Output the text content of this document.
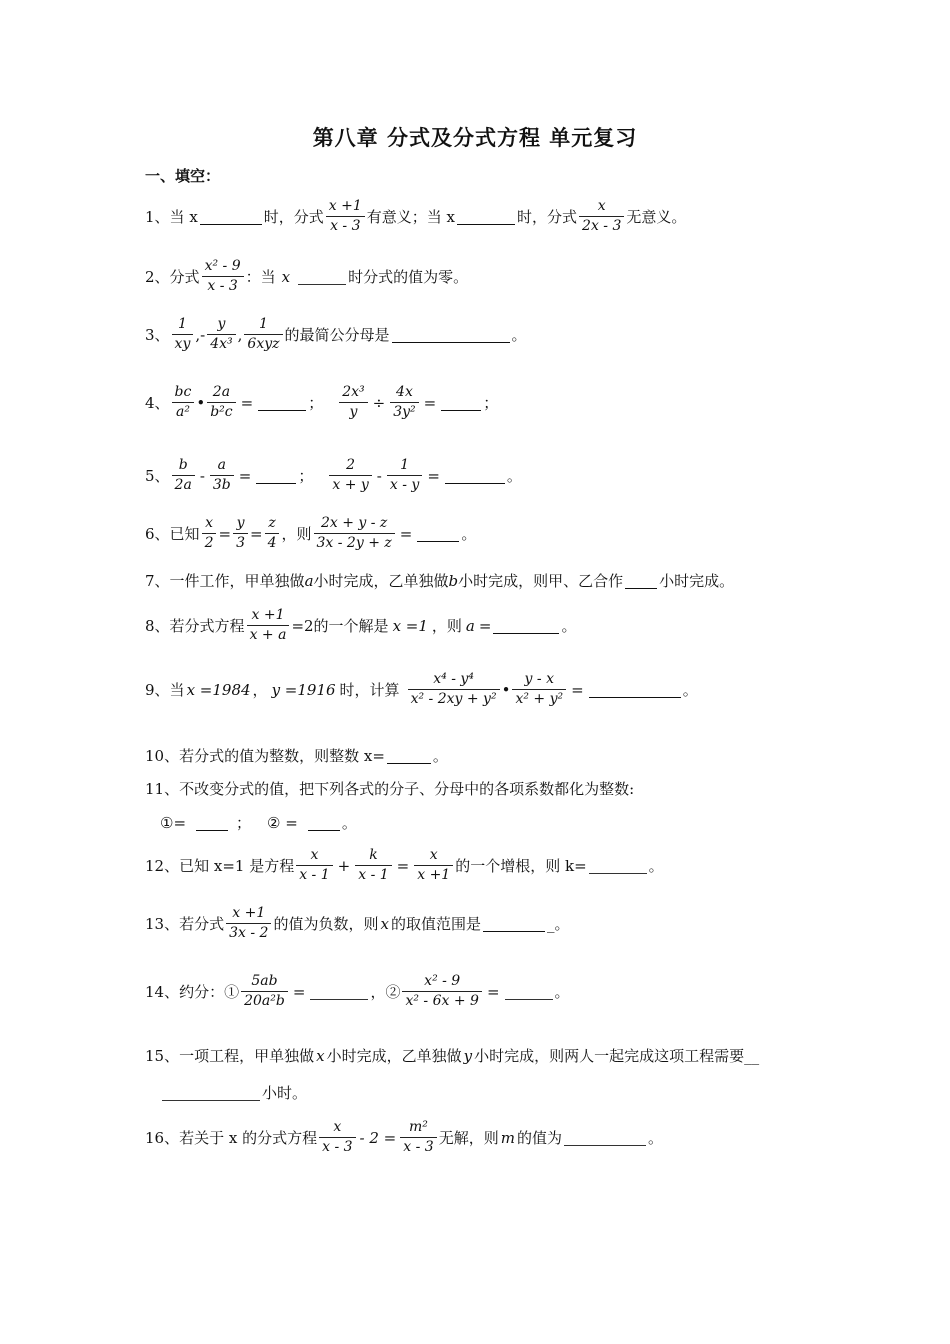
第八章 分式及分式方程 单元复习
一、填空：
1、 当 x	时，分式
x +1
x - 3 有意义；当 x	时，分式
x
2x - 3 无意义。
2、 分式
x² - 9
x - 3 ：当 x	时分式的值为零。
3、
1
xy
,-
y
4x³
,
1
6xyz 的最简公分母是	。
4、
bc
a²
•
2a
b²c
=	；
2x³
y
÷
4x
3y²
=	；
5、
b
2a
-
a
3b
=	；
2
x + y
-
1
x - y
=	。
6、 已知
x
2
=
y
3
=
z
4 ，则
2x + y - z
3x - 2y + z
=	。
7、 一件工作，甲单独做 a 小时完成，乙单独做 b 小时完成，则甲、乙合作 小时完成。
8、 若分式方程
x +1
x + a =2的一个解是 x =1 ，则 a =	。
9、 当 x =1984 ， y =1916 时，计算
x⁴ - y⁴
x² - 2xy + y²
•
y - x
x² + y²
=	。
10、 若分式的值为整数，则整数 x=	。
11、 不改变分式的值，把下列各式的分子、分母中的各项系数都化为整数:
①=	； ② =	。
12、 已知 x=1 是方程
x
x - 1
+
k
x - 1
=
x
x +1 的一个增根，则 k=	。
13、 若分式
x +1
3x - 2 的值为负数，则 x 的取值范围是	_。
14、 约分：①
5ab
20a²b
=	，②
x² - 9
x² - 6x + 9
=	。
15、 一项工程，甲单独做 x 小时完成，乙单独做 y 小时完成，则两人一起完成这项工程需要__
小时。
16、 若关于 x 的分式方程
x
x - 3
- 2 =
m²
x - 3 无解，则 m 的值为	。
